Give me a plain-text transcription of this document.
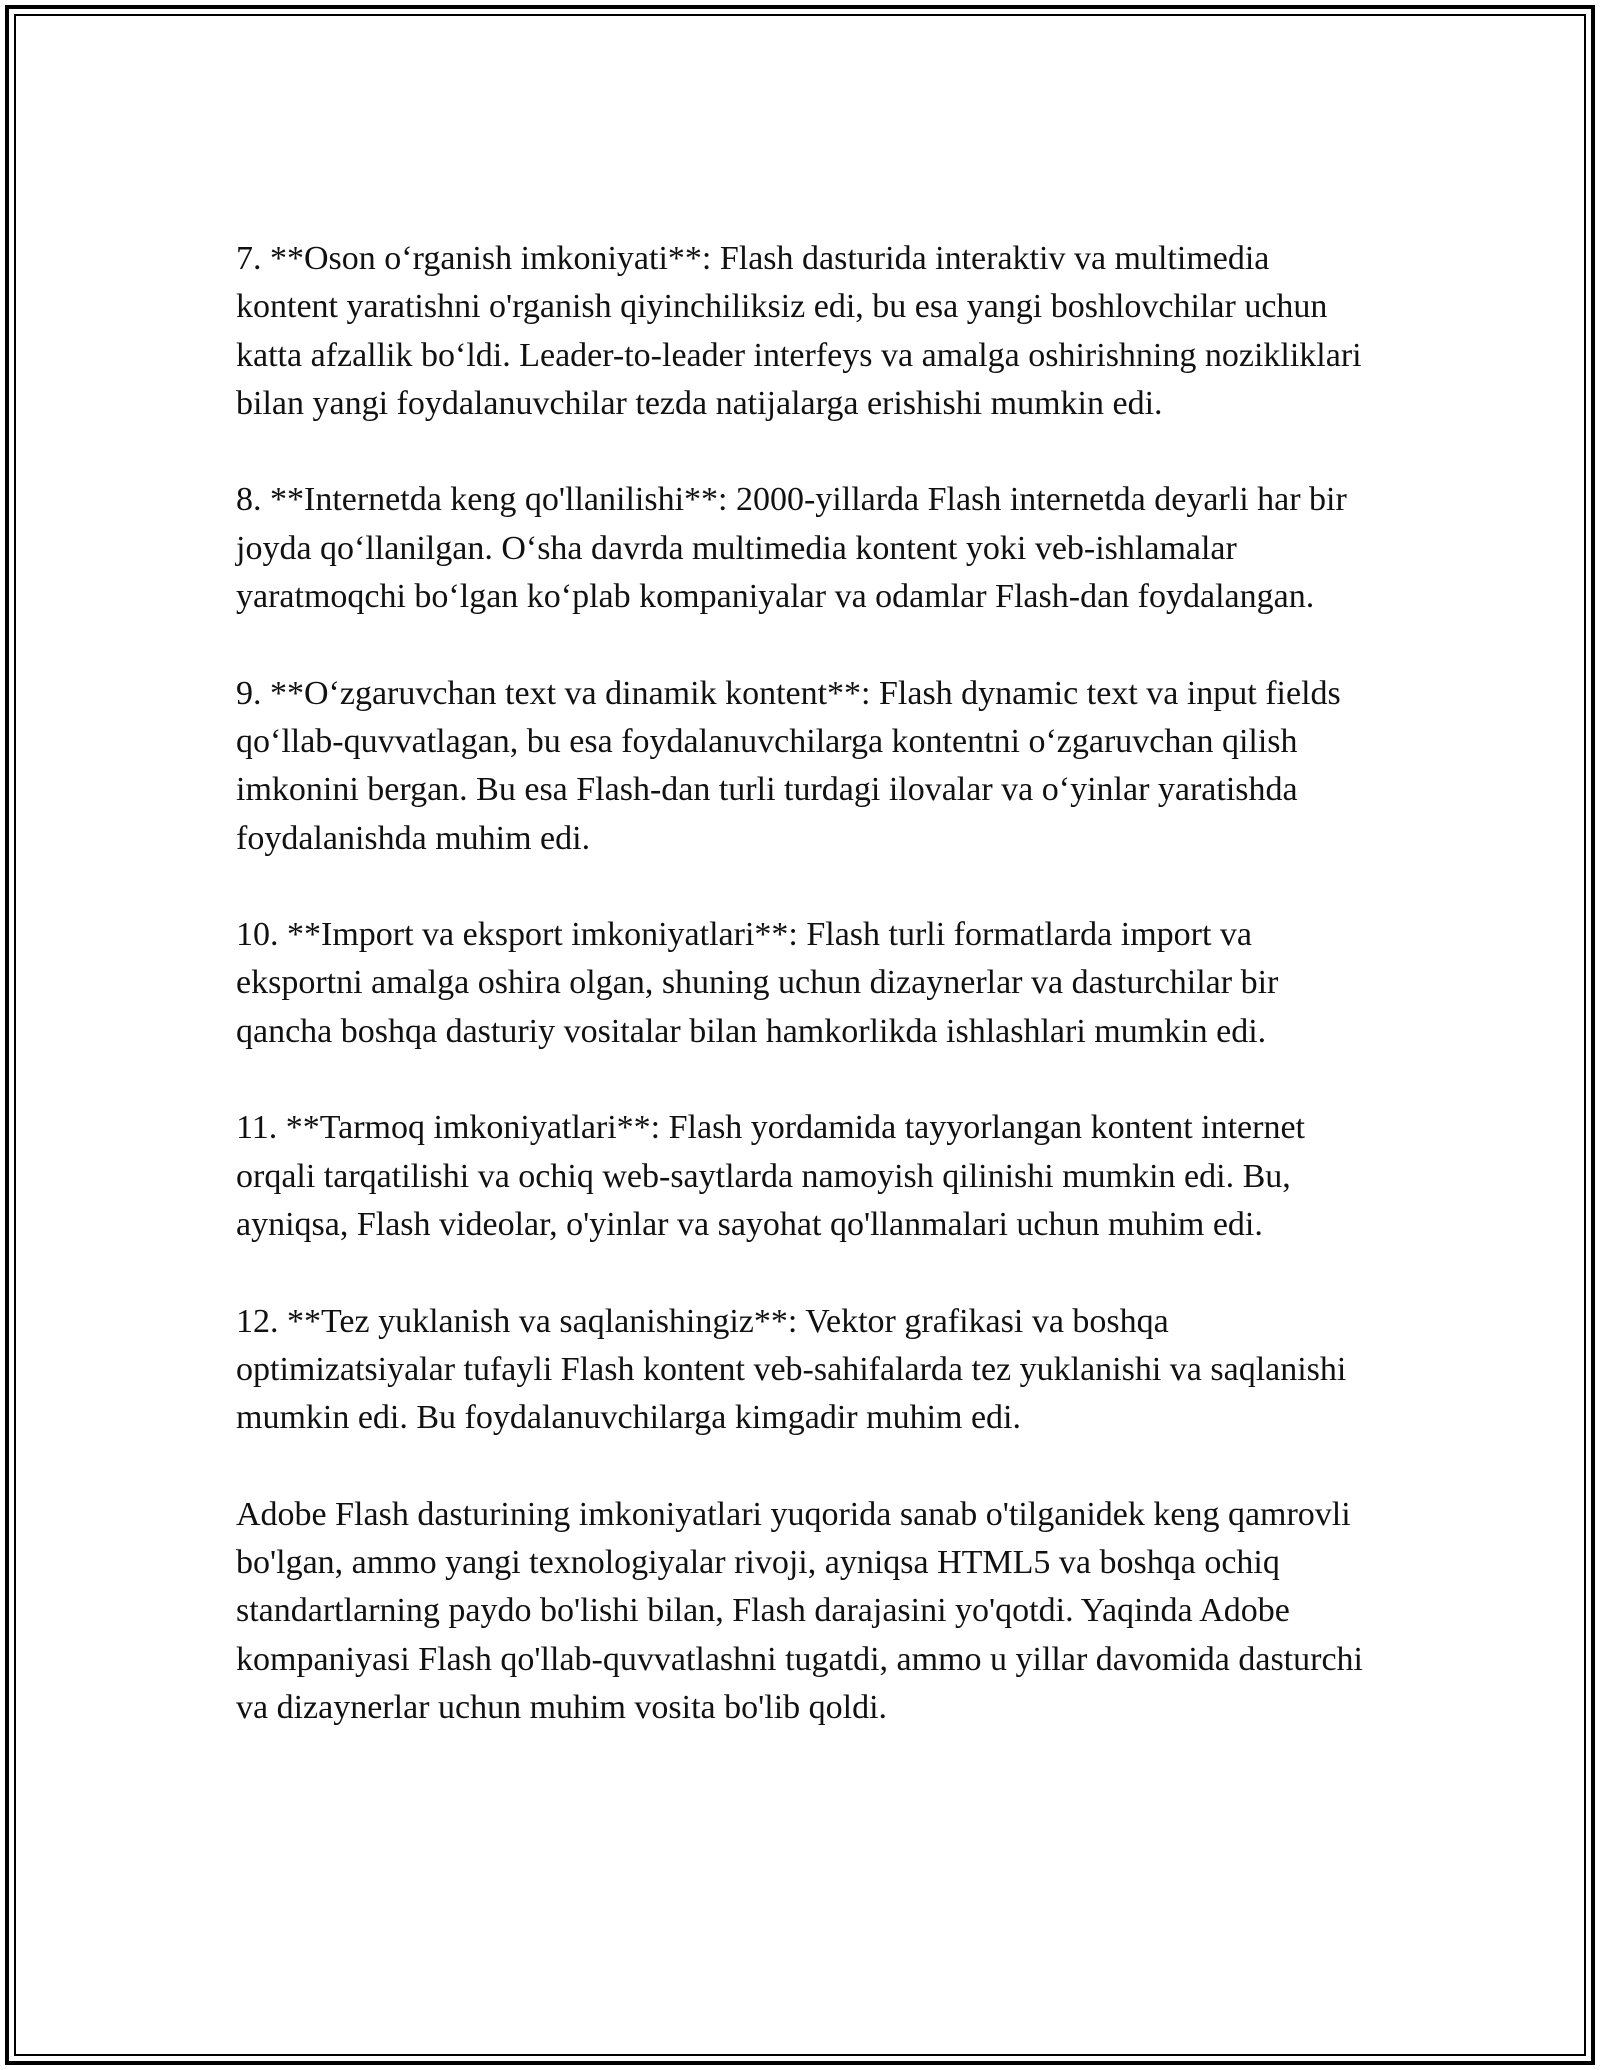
7. **Oson o‘rganish imkoniyati**: Flash dasturida interaktiv va multimedia kontent yaratishni o'rganish qiyinchiliksiz edi, bu esa yangi boshlovchilar uchun katta afzallik bo‘ldi. Leader-to-leader interfeys va amalga oshirishning nozikliklari bilan yangi foydalanuvchilar tezda natijalarga erishishi mumkin edi.

8. **Internetda keng qo'llanilishi**: 2000-yillarda Flash internetda deyarli har bir joyda qo‘llanilgan. O‘sha davrda multimedia kontent yoki veb-ishlamalar yaratmoqchi bo‘lgan ko‘plab kompaniyalar va odamlar Flash-dan foydalangan.

9. **O‘zgaruvchan text va dinamik kontent**: Flash dynamic text va input fields qo‘llab-quvvatlagan, bu esa foydalanuvchilarga kontentni o‘zgaruvchan qilish imkonini bergan. Bu esa Flash-dan turli turdagi ilovalar va o‘yinlar yaratishda foydalanishda muhim edi.

10. **Import va eksport imkoniyatlari**: Flash turli formatlarda import va eksportni amalga oshira olgan, shuning uchun dizaynerlar va dasturchilar bir qancha boshqa dasturiy vositalar bilan hamkorlikda ishlashlari mumkin edi.

11. **Tarmoq imkoniyatlari**: Flash yordamida tayyorlangan kontent internet orqali tarqatilishi va ochiq web-saytlarda namoyish qilinishi mumkin edi. Bu, ayniqsa, Flash videolar, o'yinlar va sayohat qo'llanmalari uchun muhim edi.

12. **Tez yuklanish va saqlanishingiz**: Vektor grafikasi va boshqa optimizatsiyalar tufayli Flash kontent veb-sahifalarda tez yuklanishi va saqlanishi mumkin edi. Bu foydalanuvchilarga kimgadir muhim edi.

Adobe Flash dasturining imkoniyatlari yuqorida sanab o'tilganidek keng qamrovli bo'lgan, ammo yangi texnologiyalar rivoji, ayniqsa HTML5 va boshqa ochiq standartlarning paydo bo'lishi bilan, Flash darajasini yo'qotdi. Yaqinda Adobe kompaniyasi Flash qo'llab-quvvatlashni tugatdi, ammo u yillar davomida dasturchi va dizaynerlar uchun muhim vosita bo'lib qoldi.
